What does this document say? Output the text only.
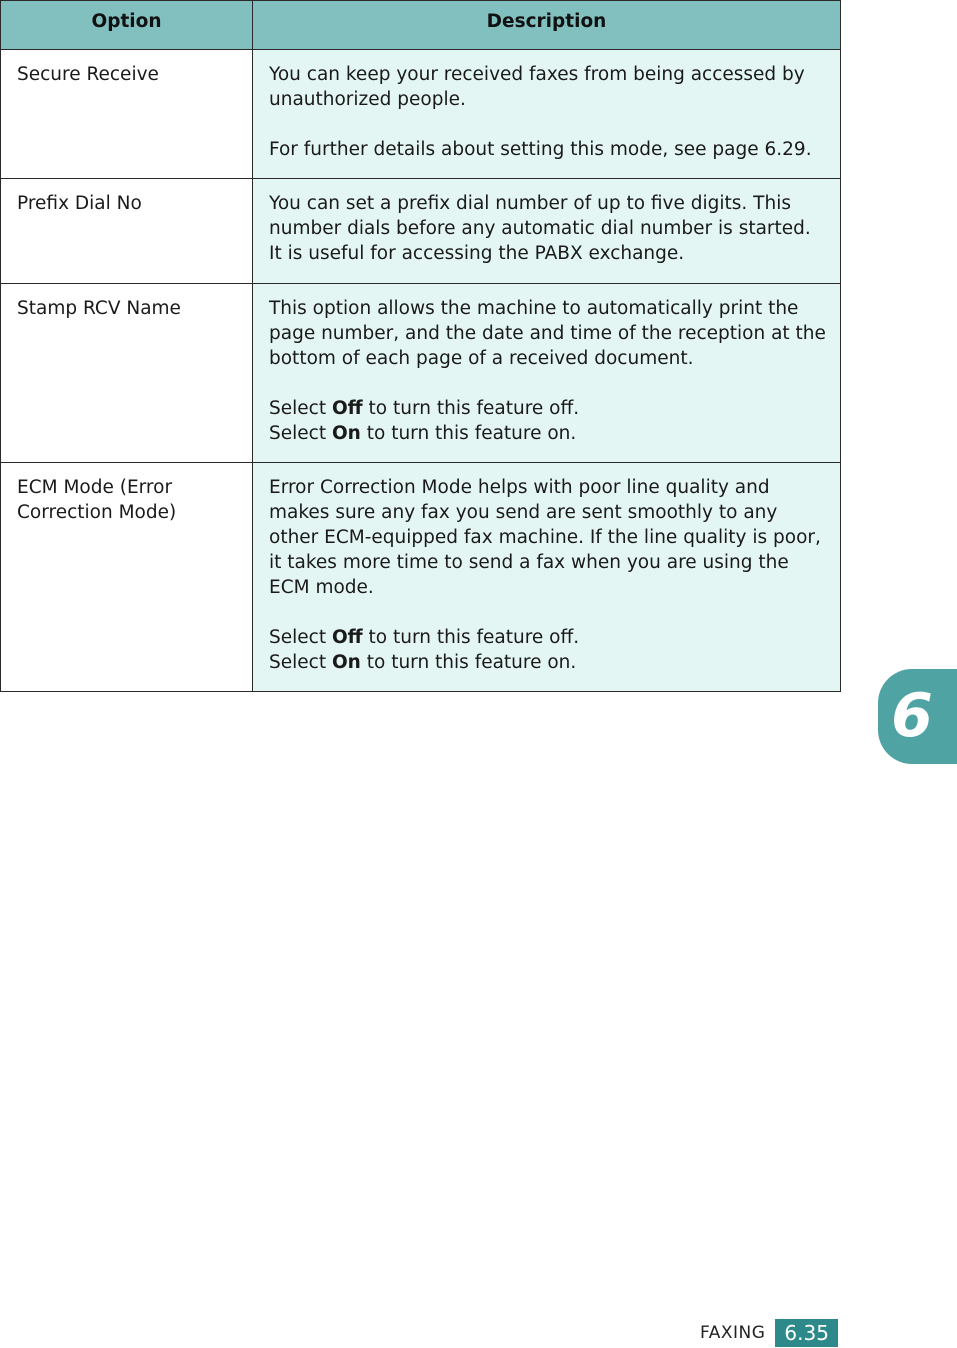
Option	Description
Secure Receive	You can keep your received faxes from being accessed by unauthorized people.

For further details about setting this mode, see page 6.29.

Prefix Dial No	You can set a prefix dial number of up to five digits. This number dials before any automatic dial number is started. It is useful for accessing the PABX exchange.

Stamp RCV Name	This option allows the machine to automatically print the page number, and the date and time of the reception at the bottom of each page of a received document.

Select Off to turn this feature off.

Select On to turn this feature on.

ECM Mode (Error Correction Mode)	Error Correction Mode helps with poor line quality and makes sure any fax you send are sent smoothly to any other ECM-equipped fax machine. If the line quality is poor, it takes more time to send a fax when you are using the ECM mode.

Select Off to turn this feature off.

Select On to turn this feature on.

6
FAXING 6.35
